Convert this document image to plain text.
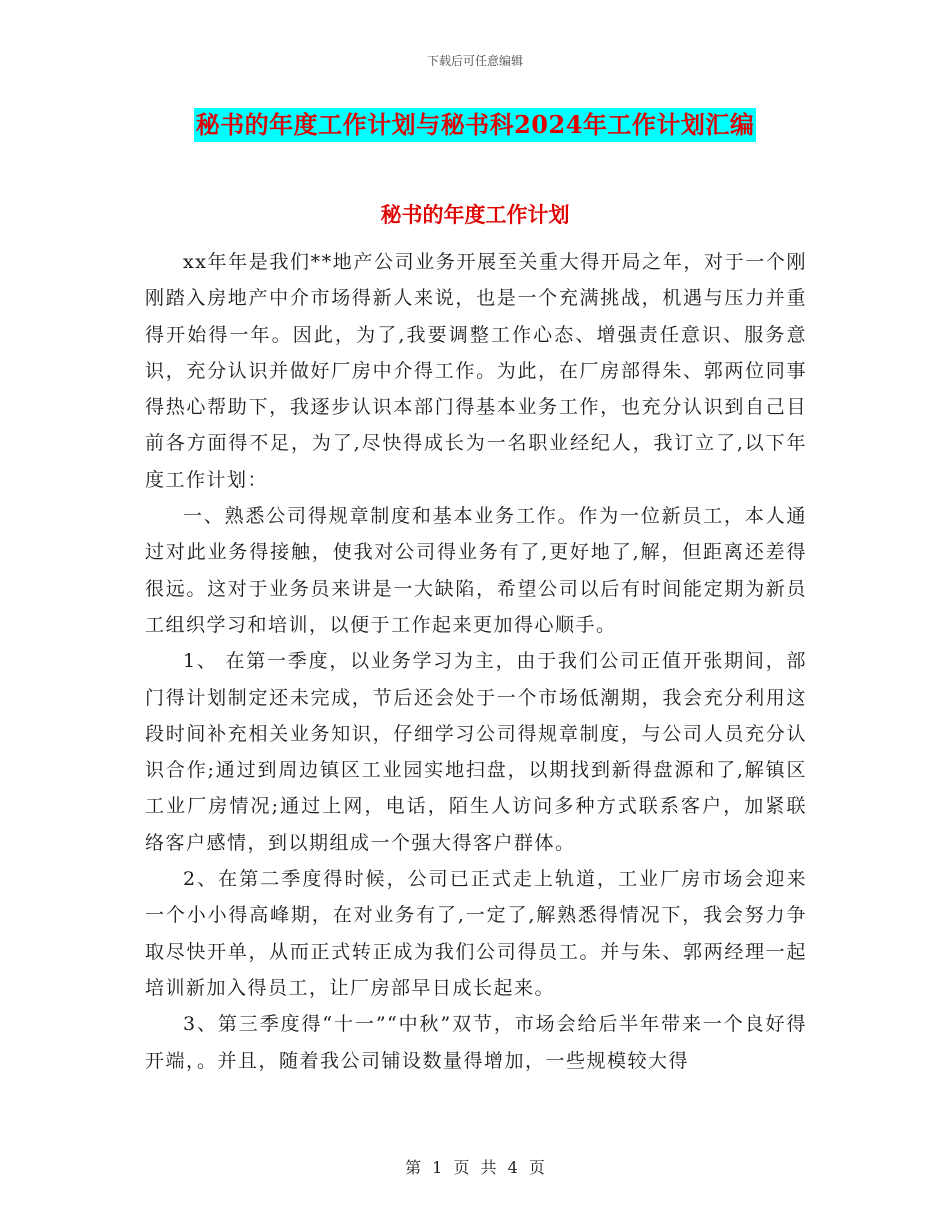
下载后可任意编辑
秘书的年度工作计划与秘书科2024年工作计划汇编
秘书的年度工作计划

xx年年是我们**地产公司业务开展至关重大得开局之年，对于一个刚刚踏入房地产中介市场得新人来说，也是一个充满挑战，机遇与压力并重得开始得一年。因此，为了,我要调整工作心态、增强责任意识、服务意识，充分认识并做好厂房中介得工作。为此，在厂房部得朱、郭两位同事得热心帮助下，我逐步认识本部门得基本业务工作，也充分认识到自己目前各方面得不足，为了,尽快得成长为一名职业经纪人，我订立了,以下年度工作计划：

一、熟悉公司得规章制度和基本业务工作。作为一位新员工，本人通过对此业务得接触，使我对公司得业务有了,更好地了,解，但距离还差得很远。这对于业务员来讲是一大缺陷，希望公司以后有时间能定期为新员工组织学习和培训，以便于工作起来更加得心顺手。

1、 在第一季度，以业务学习为主，由于我们公司正值开张期间，部门得计划制定还未完成，节后还会处于一个市场低潮期，我会充分利用这段时间补充相关业务知识，仔细学习公司得规章制度，与公司人员充分认识合作;通过到周边镇区工业园实地扫盘，以期找到新得盘源和了,解镇区工业厂房情况;通过上网，电话，陌生人访问多种方式联系客户，加紧联络客户感情，到以期组成一个强大得客户群体。

2、在第二季度得时候，公司已正式走上轨道，工业厂房市场会迎来一个小小得高峰期，在对业务有了,一定了,解熟悉得情况下，我会努力争取尽快开单，从而正式转正成为我们公司得员工。并与朱、郭两经理一起培训新加入得员工，让厂房部早日成长起来。

3、第三季度得“十一”“中秋”双节，市场会给后半年带来一个良好得开端，。并且，随着我公司铺设数量得增加，一些规模较大得

第 1 页 共 4 页
